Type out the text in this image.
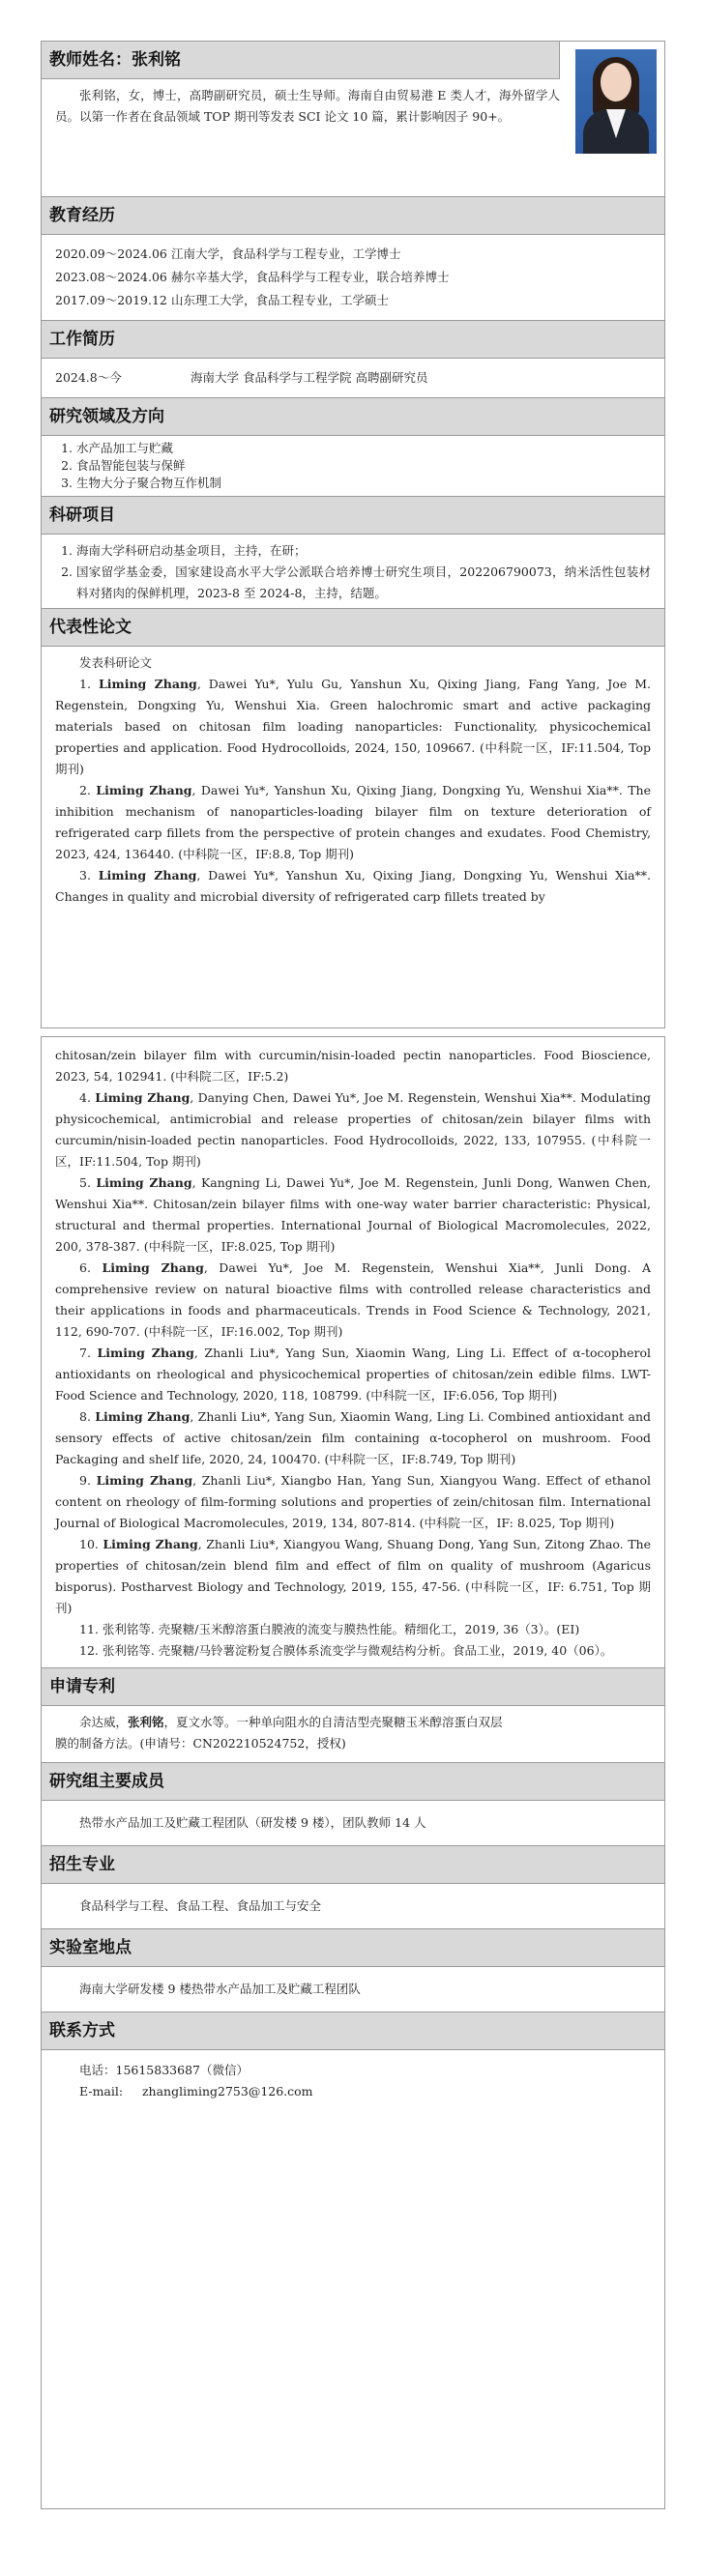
教师姓名：张利铭

张利铭，女，博士，高聘副研究员，硕士生导师。海南自由贸易港 E 类人才，海外留学人员。以第一作者在食品领域 TOP 期刊等发表 SCI 论文 10 篇，累计影响因子 90+。

教育经历
2020.09～2024.06 江南大学，食品科学与工程专业，工学博士
2023.08～2024.06 赫尔辛基大学，食品科学与工程专业，联合培养博士
2017.09～2019.12 山东理工大学，食品工程专业，工学硕士
工作简历
2024.8～今	海南大学 食品科学与工程学院 高聘副研究员
研究领域及方向
1. 水产品加工与贮藏
2. 食品智能包装与保鲜
3. 生物大分子聚合物互作机制
科研项目
1. 海南大学科研启动基金项目，主持，在研；
2. 国家留学基金委，国家建设高水平大学公派联合培养博士研究生项目，202206790073，纳米活性包装材料对猪肉的保鲜机理，2023-8 至 2024-8，主持，结题。
代表性论文

发表科研论文

1. Liming Zhang, Dawei Yu*, Yulu Gu, Yanshun Xu, Qixing Jiang, Fang Yang, Joe M. Regenstein, Dongxing Yu, Wenshui Xia. Green halochromic smart and active packaging materials based on chitosan film loading nanoparticles: Functionality, physicochemical properties and application. Food Hydrocolloids, 2024, 150, 109667. (中科院一区，IF:11.504, Top 期刊)

2. Liming Zhang, Dawei Yu*, Yanshun Xu, Qixing Jiang, Dongxing Yu, Wenshui Xia**. The inhibition mechanism of nanoparticles-loading bilayer film on texture deterioration of refrigerated carp fillets from the perspective of protein changes and exudates. Food Chemistry, 2023, 424, 136440. (中科院一区，IF:8.8, Top 期刊)

3. Liming Zhang, Dawei Yu*, Yanshun Xu, Qixing Jiang, Dongxing Yu, Wenshui Xia**. Changes in quality and microbial diversity of refrigerated carp fillets treated by

chitosan/zein bilayer film with curcumin/nisin-loaded pectin nanoparticles. Food Bioscience, 2023, 54, 102941. (中科院二区，IF:5.2)

4. Liming Zhang, Danying Chen, Dawei Yu*, Joe M. Regenstein, Wenshui Xia**. Modulating physicochemical, antimicrobial and release properties of chitosan/zein bilayer films with curcumin/nisin-loaded pectin nanoparticles. Food Hydrocolloids, 2022, 133, 107955. (中科院一区，IF:11.504, Top 期刊)

5. Liming Zhang, Kangning Li, Dawei Yu*, Joe M. Regenstein, Junli Dong, Wanwen Chen, Wenshui Xia**. Chitosan/zein bilayer films with one-way water barrier characteristic: Physical, structural and thermal properties. International Journal of Biological Macromolecules, 2022, 200, 378-387. (中科院一区，IF:8.025, Top 期刊)

6. Liming Zhang, Dawei Yu*, Joe M. Regenstein, Wenshui Xia**, Junli Dong. A comprehensive review on natural bioactive films with controlled release characteristics and their applications in foods and pharmaceuticals. Trends in Food Science & Technology, 2021, 112, 690-707. (中科院一区，IF:16.002, Top 期刊)

7. Liming Zhang, Zhanli Liu*, Yang Sun, Xiaomin Wang, Ling Li. Effect of α-tocopherol antioxidants on rheological and physicochemical properties of chitosan/zein edible films. LWT-Food Science and Technology, 2020, 118, 108799. (中科院一区，IF:6.056, Top 期刊)

8. Liming Zhang, Zhanli Liu*, Yang Sun, Xiaomin Wang, Ling Li. Combined antioxidant and sensory effects of active chitosan/zein film containing α-tocopherol on mushroom. Food Packaging and shelf life, 2020, 24, 100470. (中科院一区，IF:8.749, Top 期刊)

9. Liming Zhang, Zhanli Liu*, Xiangbo Han, Yang Sun, Xiangyou Wang. Effect of ethanol content on rheology of film-forming solutions and properties of zein/chitosan film. International Journal of Biological Macromolecules, 2019, 134, 807-814. (中科院一区，IF: 8.025, Top 期刊)

10. Liming Zhang, Zhanli Liu*, Xiangyou Wang, Shuang Dong, Yang Sun, Zitong Zhao. The properties of chitosan/zein blend film and effect of film on quality of mushroom (Agaricus bisporus). Postharvest Biology and Technology, 2019, 155, 47-56. (中科院一区，IF: 6.751, Top 期刊)

11. 张利铭等. 壳聚糖/玉米醇溶蛋白膜液的流变与膜热性能。精细化工，2019, 36（3）。(EI)

12. 张利铭等. 壳聚糖/马铃薯淀粉复合膜体系流变学与微观结构分析。食品工业，2019, 40（06）。

申请专利

余达威，张利铭，夏文水等。一种单向阻水的自清洁型壳聚糖玉米醇溶蛋白双层

膜的制备方法。(申请号：CN202210524752，授权)

研究组主要成员

热带水产品加工及贮藏工程团队（研发楼 9 楼），团队教师 14 人

招生专业

食品科学与工程、食品工程、食品加工与安全

实验室地点

海南大学研发楼 9 楼热带水产品加工及贮藏工程团队

联系方式

电话：15615833687（微信）

E-mail: zhangliming2753@126.com
